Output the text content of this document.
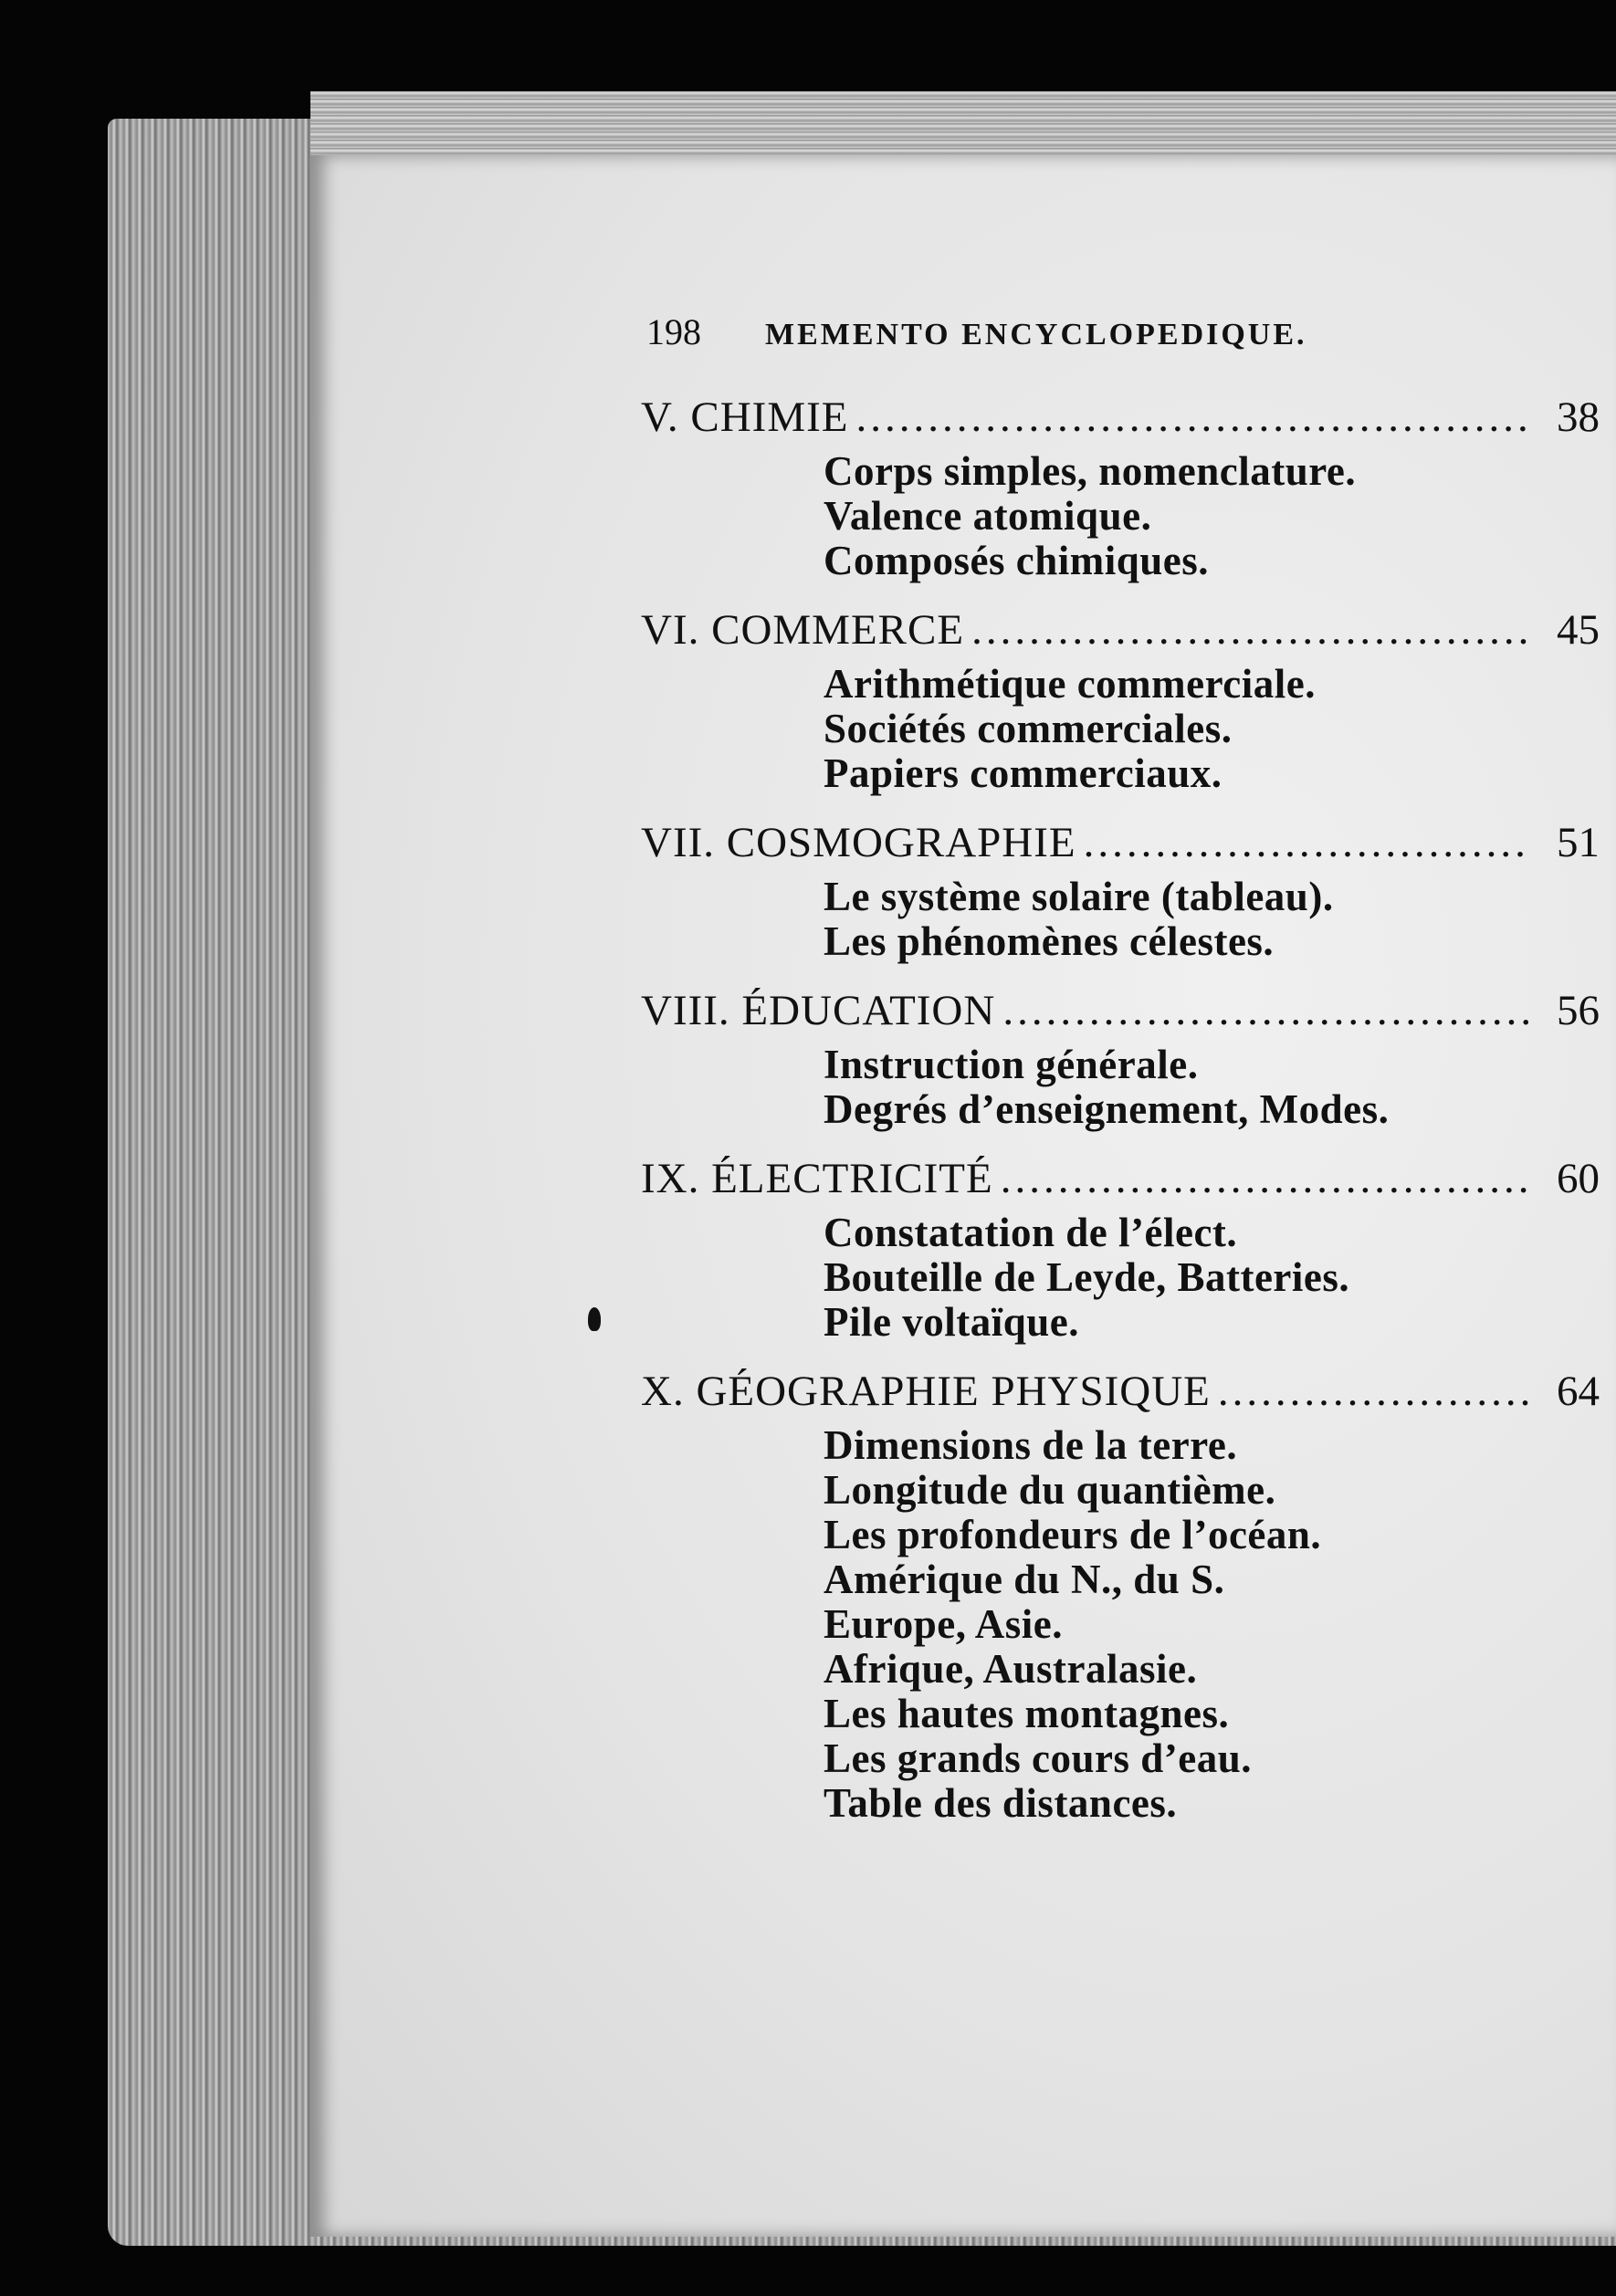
198 MEMENTO ENCYCLOPEDIQUE.
V. CHIMIE .....	38
Corps simples, nomenclature.
Valence atomique.
Composés chimiques.
VI. COMMERCE .....	45
Arithmétique commerciale.
Sociétés commerciales.
Papiers commerciaux.
VII. COSMOGRAPHIE .....	51
Le système solaire (tableau).
Les phénomènes célestes.
VIII. ÉDUCATION .....	56
Instruction générale.
Degrés d’enseignement, Modes.
IX. ÉLECTRICITÉ .....	60
Constatation de l’élect.
Bouteille de Leyde, Batteries.
Pile voltaïque.
X. GÉOGRAPHIE PHYSIQUE .....	64
Dimensions de la terre.
Longitude du quantième.
Les profondeurs de l’océan.
Amérique du N., du S.
Europe, Asie.
Afrique, Australasie.
Les hautes montagnes.
Les grands cours d’eau.
Table des distances.
